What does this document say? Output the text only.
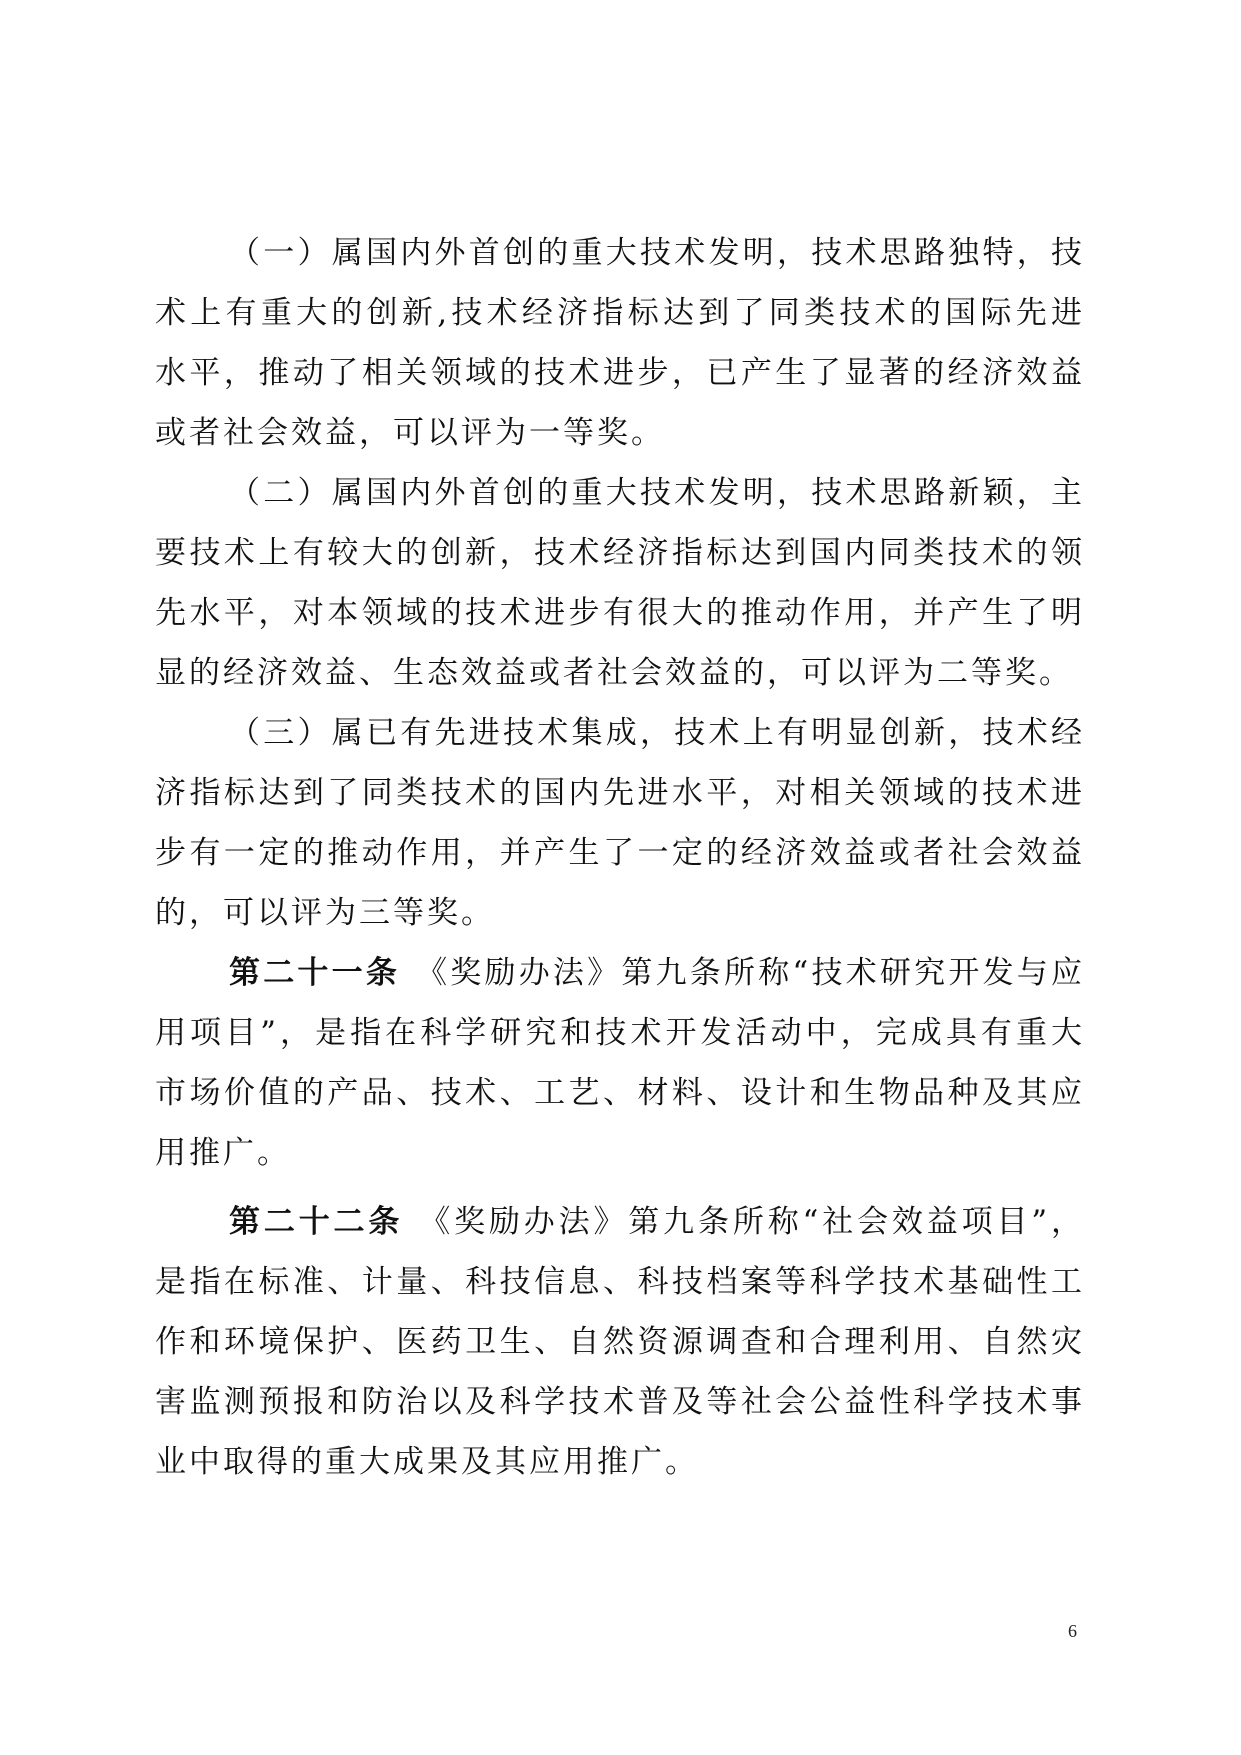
（一）属国内外首创的重大技术发明，技术思路独特，技术上有重大的创新,技术经济指标达到了同类技术的国际先进水平，推动了相关领域的技术进步，已产生了显著的经济效益或者社会效益，可以评为一等奖。

（二）属国内外首创的重大技术发明，技术思路新颖，主要技术上有较大的创新，技术经济指标达到国内同类技术的领先水平，对本领域的技术进步有很大的推动作用，并产生了明显的经济效益、生态效益或者社会效益的，可以评为二等奖。

（三）属已有先进技术集成，技术上有明显创新，技术经济指标达到了同类技术的国内先进水平，对相关领域的技术进步有一定的推动作用，并产生了一定的经济效益或者社会效益的，可以评为三等奖。

第二十一条 《奖励办法》第九条所称“技术研究开发与应用项目”，是指在科学研究和技术开发活动中，完成具有重大市场价值的产品、技术、工艺、材料、设计和生物品种及其应用推广。

第二十二条 《奖励办法》第九条所称“社会效益项目”，是指在标准、计量、科技信息、科技档案等科学技术基础性工作和环境保护、医药卫生、自然资源调查和合理利用、自然灾害监测预报和防治以及科学技术普及等社会公益性科学技术事业中取得的重大成果及其应用推广。

6
